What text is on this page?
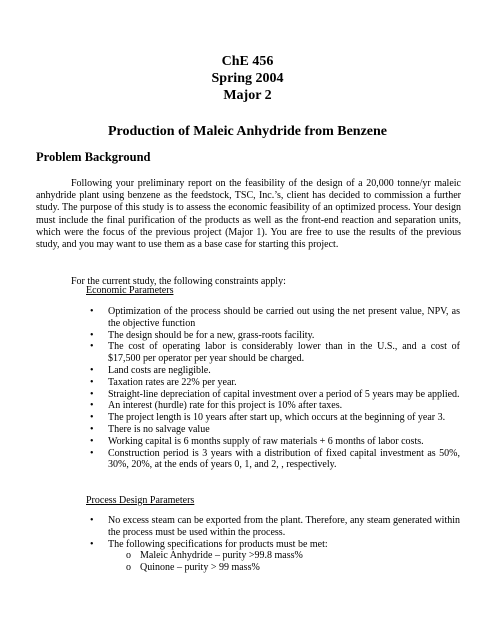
ChE 456
Spring 2004
Major 2
Production of Maleic Anhydride from Benzene
Problem Background

Following your preliminary report on the feasibility of the design of a 20,000 tonne/yr maleic anhydride plant using benzene as the feedstock, TSC, Inc.’s, client has decided to commission a further study. The purpose of this study is to assess the economic feasibility of an optimized process. Your design must include the final purification of the products as well as the front-end reaction and separation units, which were the focus of the previous project (Major 1). You are free to use the results of the previous study, and you may want to use them as a base case for starting this project.

For the current study, the following constraints apply:

Economic Parameters
• Optimization of the process should be carried out using the net present value, NPV, as the objective function
• The design should be for a new, grass-roots facility.
• The cost of operating labor is considerably lower than in the U.S., and a cost of $17,500 per operator per year should be charged.
• Land costs are negligible.
• Taxation rates are 22% per year.
• Straight-line depreciation of capital investment over a period of 5 years may be applied.
• An interest (hurdle) rate for this project is 10% after taxes.
• The project length is 10 years after start up, which occurs at the beginning of year 3.
• There is no salvage value
• Working capital is 6 months supply of raw materials + 6 months of labor costs.
• Construction period is 3 years with a distribution of fixed capital investment as 50%, 30%, 20%, at the ends of years 0, 1, and 2, , respectively.
Process Design Parameters
• No excess steam can be exported from the plant. Therefore, any steam generated within the process must be used within the process.
• The following specifications for products must be met:
o Maleic Anhydride – purity >99.8 mass%
o Quinone – purity > 99 mass%
